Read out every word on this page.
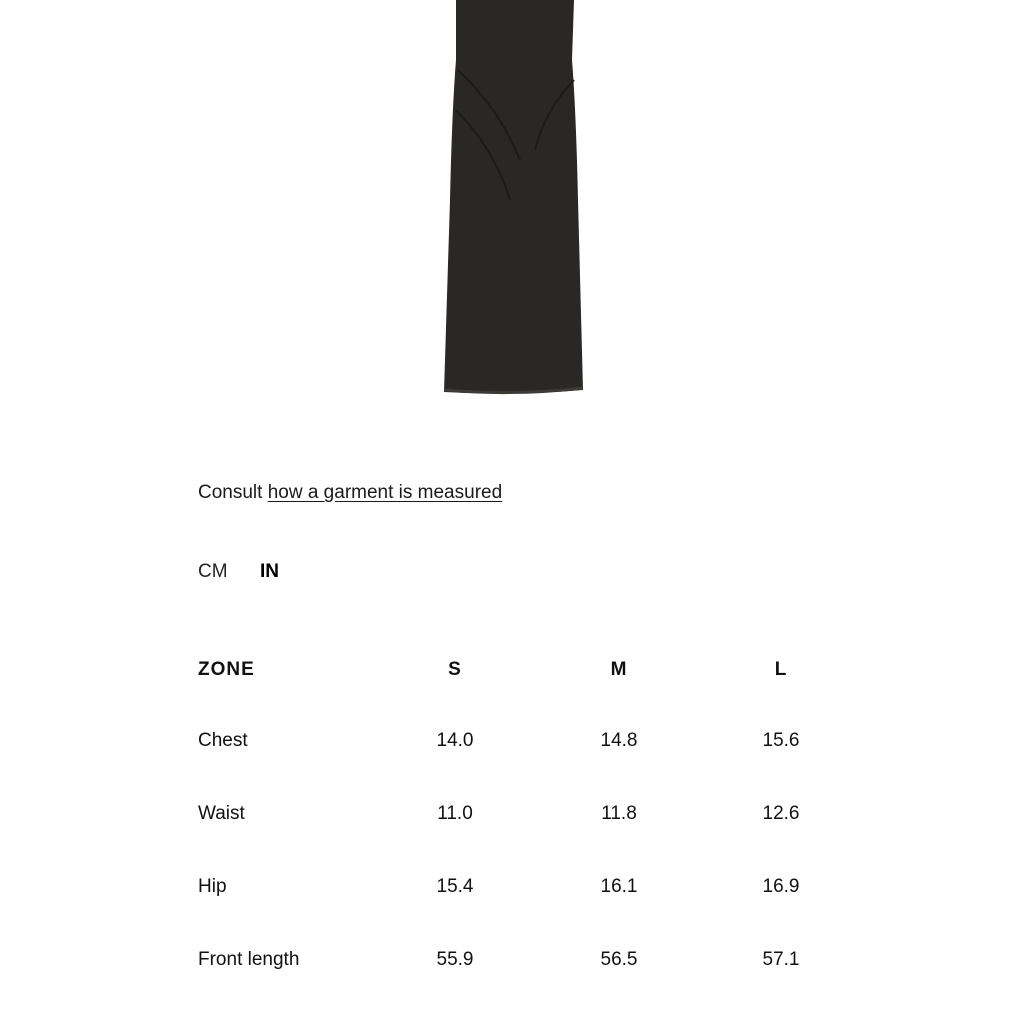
Consult how a garment is measured
CM IN
ZONE	S	M	L
Chest	14.0	14.8	15.6
Waist	11.0	11.8	12.6
Hip	15.4	16.1	16.9
Front length	55.9	56.5	57.1
